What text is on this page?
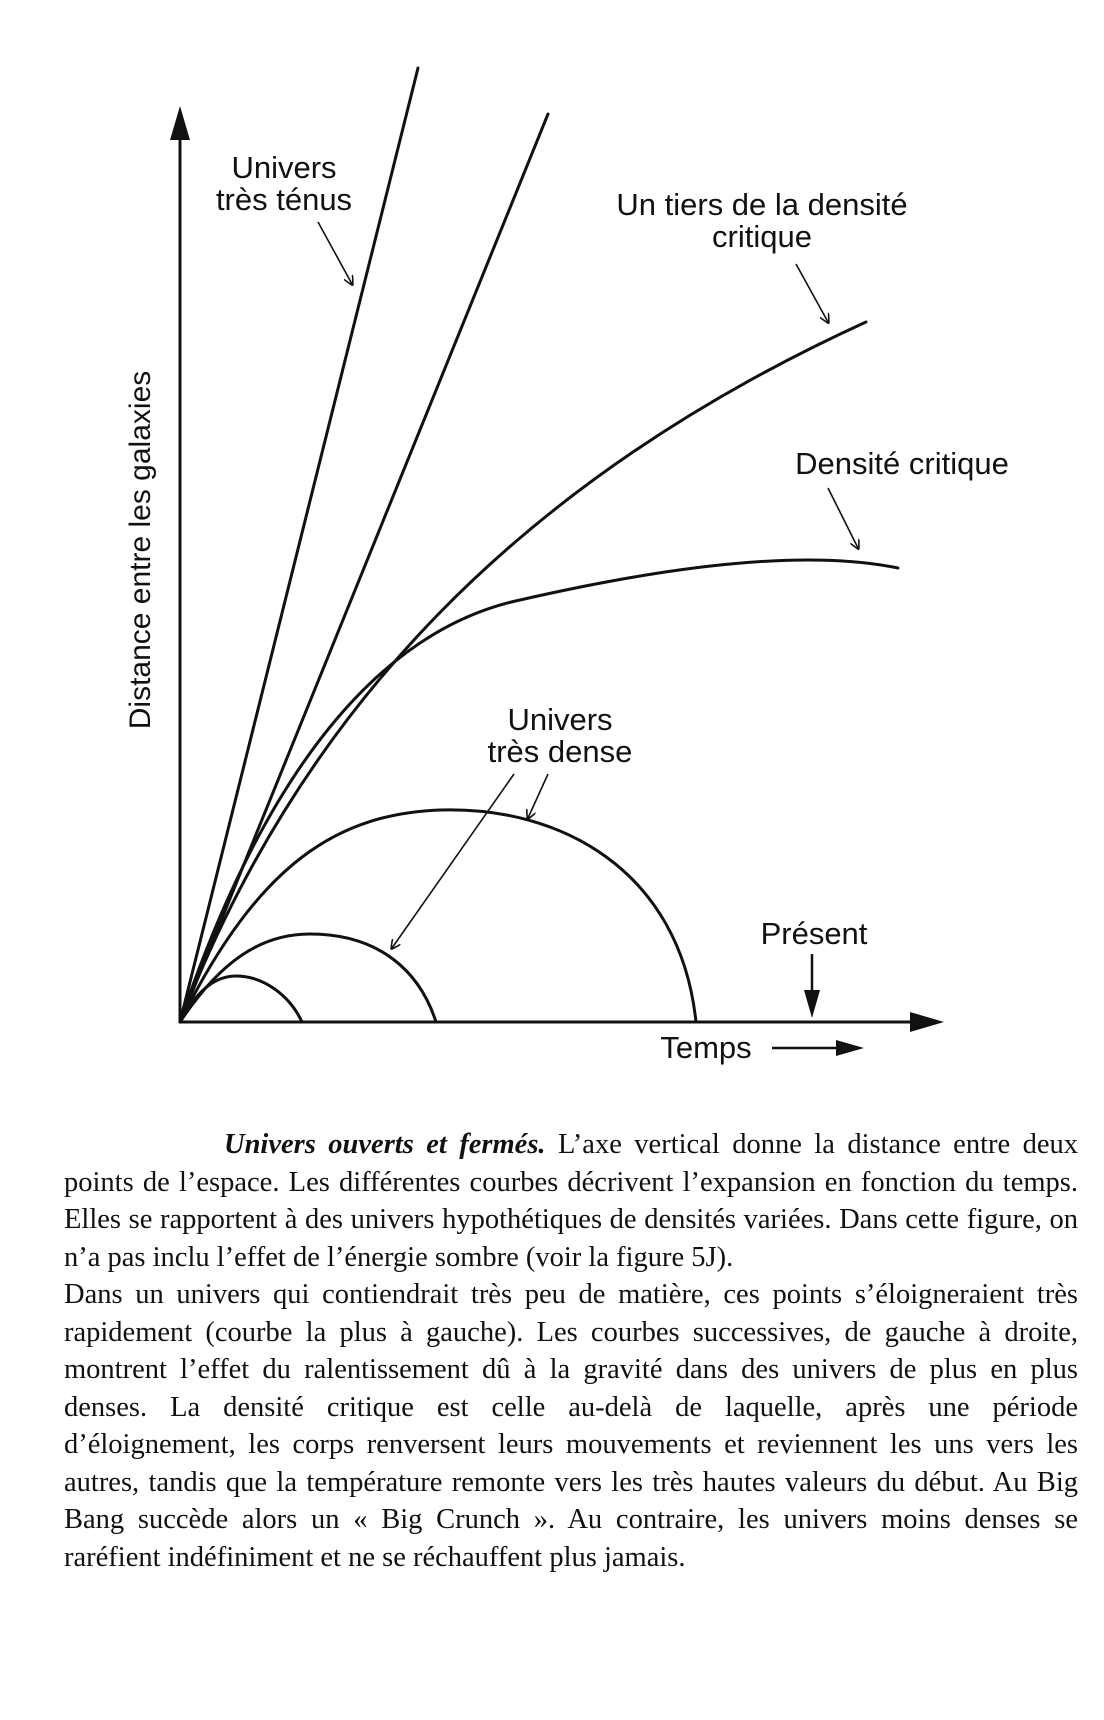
Distance entre les galaxies
Univers
très ténus	Un tiers de la densité
critique
Densité critique
Univers
très dense
Présent
Temps

Univers ouverts et fermés. L’axe vertical donne la distance entre deux points de l’espace. Les différentes courbes décrivent l’expansion en fonction du temps. Elles se rapportent à des univers hypothétiques de densités variées. Dans cette figure, on n’a pas inclu l’effet de l’énergie sombre (voir la figure 5J).

Dans un univers qui contiendrait très peu de matière, ces points s’éloigneraient très rapidement (courbe la plus à gauche). Les courbes successives, de gauche à droite, montrent l’effet du ralentissement dû à la gravité dans des univers de plus en plus denses. La densité critique est celle au-delà de laquelle, après une période d’éloignement, les corps renversent leurs mouvements et reviennent les uns vers les autres, tandis que la température remonte vers les très hautes valeurs du début. Au Big Bang succède alors un « Big Crunch ». Au contraire, les univers moins denses se raréfient indéfiniment et ne se réchauffent plus jamais.
